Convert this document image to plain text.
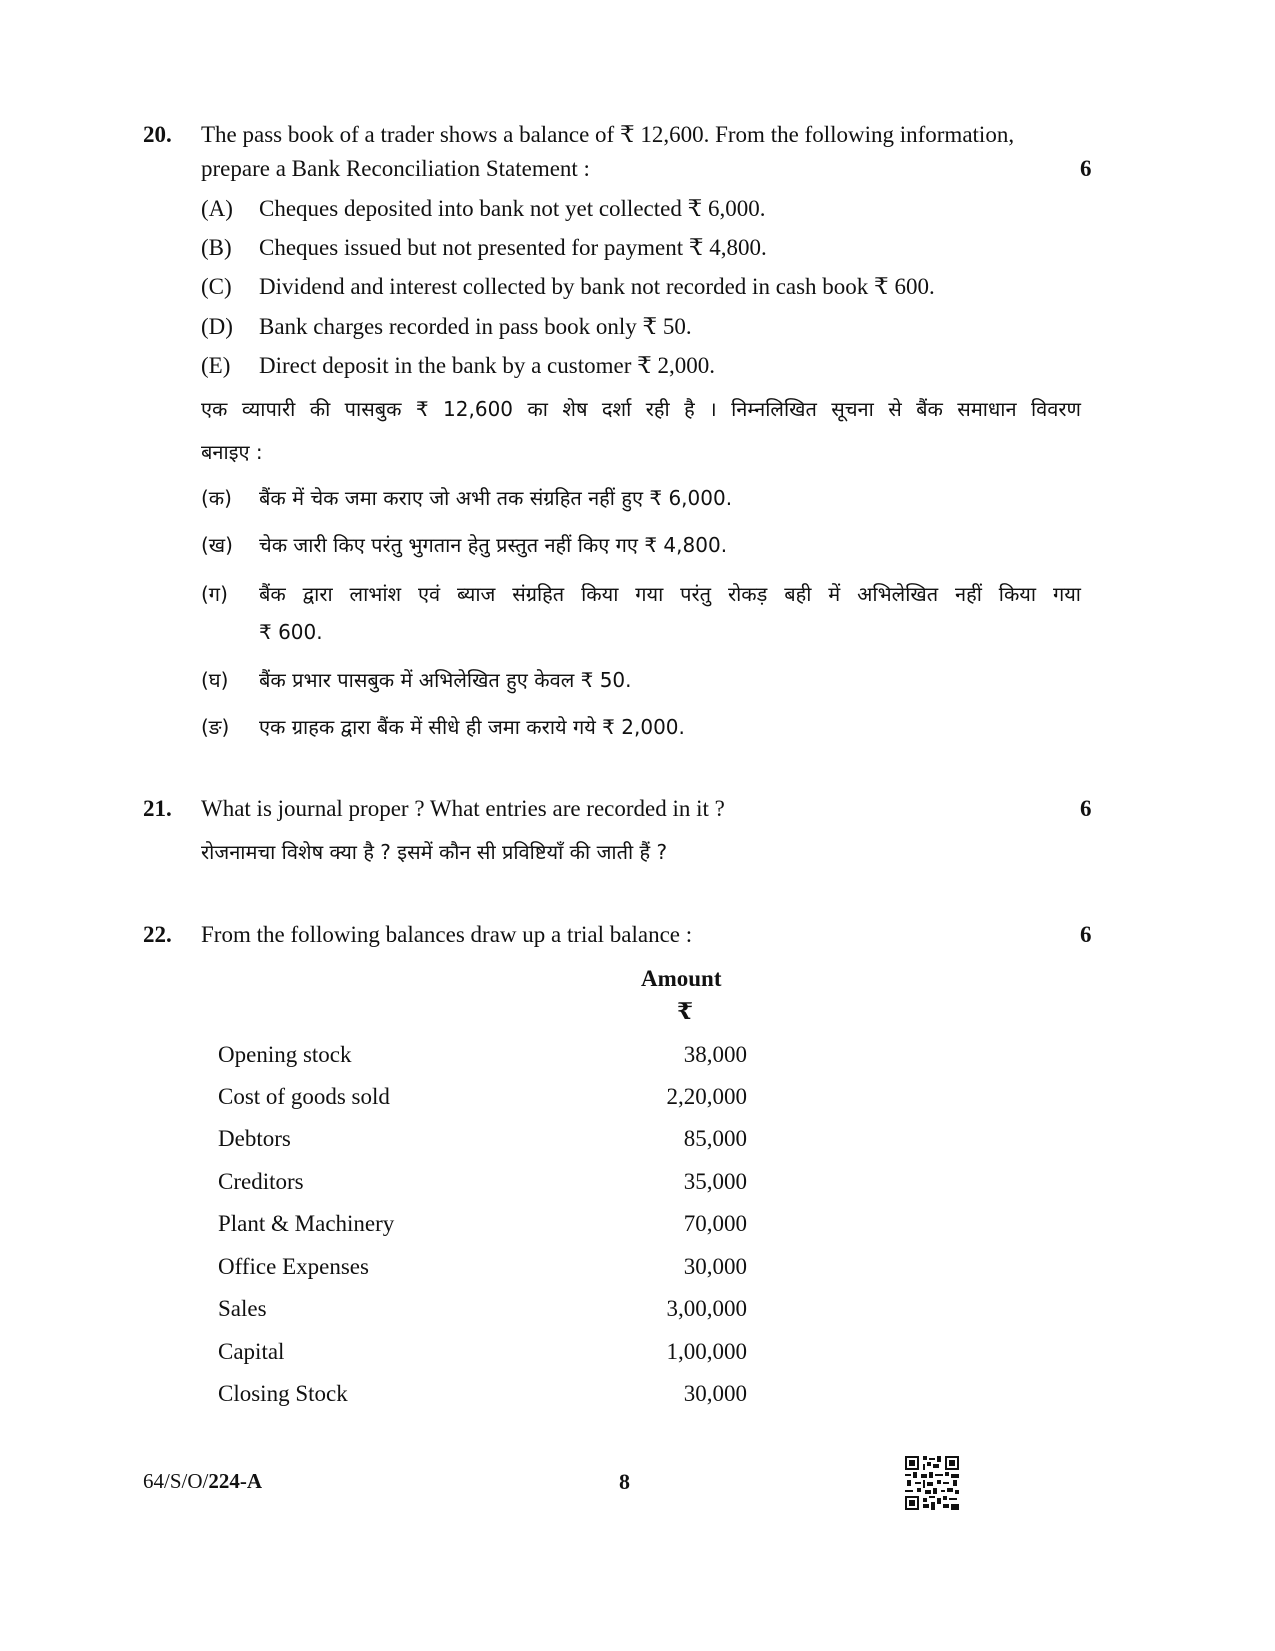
20. The pass book of a trader shows a balance of ₹ 12,600. From the following information,
prepare a Bank Reconciliation Statement :	6
(A) Cheques deposited into bank not yet collected ₹ 6,000.
(B) Cheques issued but not presented for payment ₹ 4,800.
(C) Dividend and interest collected by bank not recorded in cash book ₹ 600.
(D) Bank charges recorded in pass book only ₹ 50.
(E) Direct deposit in the bank by a customer ₹ 2,000.
एक व्यापारी की पासबुक ₹ 12,600 का शेष दर्शा रही है । निम्नलिखित सूचना से बैंक समाधान विवरण
बनाइए :
(क) बैंक में चेक जमा कराए जो अभी तक संग्रहित नहीं हुए ₹ 6,000.
(ख) चेक जारी किए परंतु भुगतान हेतु प्रस्तुत नहीं किए गए ₹ 4,800.
(ग) बैंक द्वारा लाभांश एवं ब्याज संग्रहित किया गया परंतु रोकड़ बही में अभिलेखित नहीं किया गया
₹ 600.
(घ) बैंक प्रभार पासबुक में अभिलेखित हुए केवल ₹ 50.
(ङ) एक ग्राहक द्वारा बैंक में सीधे ही जमा कराये गये ₹ 2,000.
21. What is journal proper ? What entries are recorded in it ?	6
रोजनामचा विशेष क्या है ? इसमें कौन सी प्रविष्टियाँ की जाती हैं ?
22. From the following balances draw up a trial balance :	6
Amount
₹
Opening stock	38,000
Cost of goods sold	2,20,000
Debtors	85,000
Creditors	35,000
Plant & Machinery	70,000
Office Expenses	30,000
Sales	3,00,000
Capital	1,00,000
Closing Stock	30,000
64/S/O/224-A	8
